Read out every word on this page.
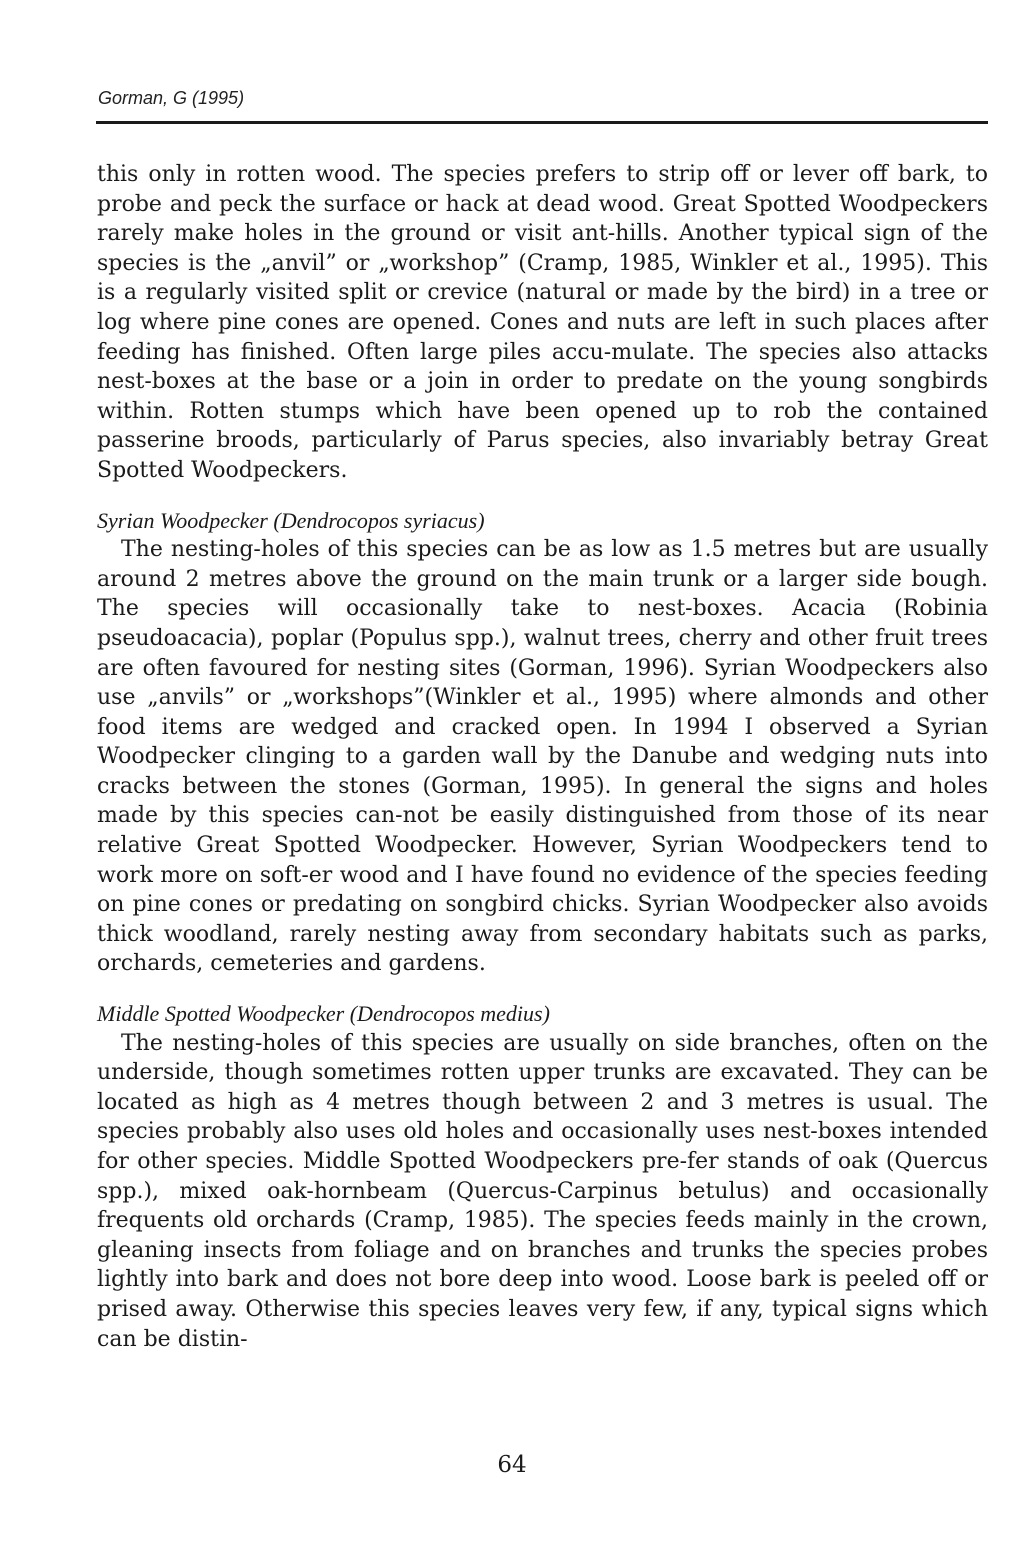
Gorman, G (1995)

this only in rotten wood. The species prefers to strip off or lever off bark, to probe and peck the surface or hack at dead wood. Great Spotted Woodpeckers rarely make holes in the ground or visit ant-hills. Another typical sign of the species is the „anvil” or „workshop” (Cramp, 1985, Winkler et al., 1995). This is a regularly visited split or crevice (natural or made by the bird) in a tree or log where pine cones are opened. Cones and nuts are left in such places after feeding has finished. Often large piles accu-mulate. The species also attacks nest-boxes at the base or a join in order to predate on the young songbirds within. Rotten stumps which have been opened up to rob the contained passerine broods, particularly of Parus species, also invariably betray Great Spotted Woodpeckers.

Syrian Woodpecker (Dendrocopos syriacus)

The nesting-holes of this species can be as low as 1.5 metres but are usually around 2 metres above the ground on the main trunk or a larger side bough. The species will occasionally take to nest-boxes. Acacia (Robinia pseudoacacia), poplar (Populus spp.), walnut trees, cherry and other fruit trees are often favoured for nesting sites (Gorman, 1996). Syrian Woodpeckers also use „anvils” or „workshops”(Winkler et al., 1995) where almonds and other food items are wedged and cracked open. In 1994 I observed a Syrian Woodpecker clinging to a garden wall by the Danube and wedging nuts into cracks between the stones (Gorman, 1995). In general the signs and holes made by this species can-not be easily distinguished from those of its near relative Great Spotted Woodpecker. However, Syrian Woodpeckers tend to work more on soft-er wood and I have found no evidence of the species feeding on pine cones or predating on songbird chicks. Syrian Woodpecker also avoids thick woodland, rarely nesting away from secondary habitats such as parks, orchards, cemeteries and gardens.

Middle Spotted Woodpecker (Dendrocopos medius)

The nesting-holes of this species are usually on side branches, often on the underside, though sometimes rotten upper trunks are excavated. They can be located as high as 4 metres though between 2 and 3 metres is usual. The species probably also uses old holes and occasionally uses nest-boxes intended for other species. Middle Spotted Woodpeckers pre-fer stands of oak (Quercus spp.), mixed oak-hornbeam (Quercus-Carpinus betulus) and occasionally frequents old orchards (Cramp, 1985). The species feeds mainly in the crown, gleaning insects from foliage and on branches and trunks the species probes lightly into bark and does not bore deep into wood. Loose bark is peeled off or prised away. Otherwise this species leaves very few, if any, typical signs which can be distin-

64
